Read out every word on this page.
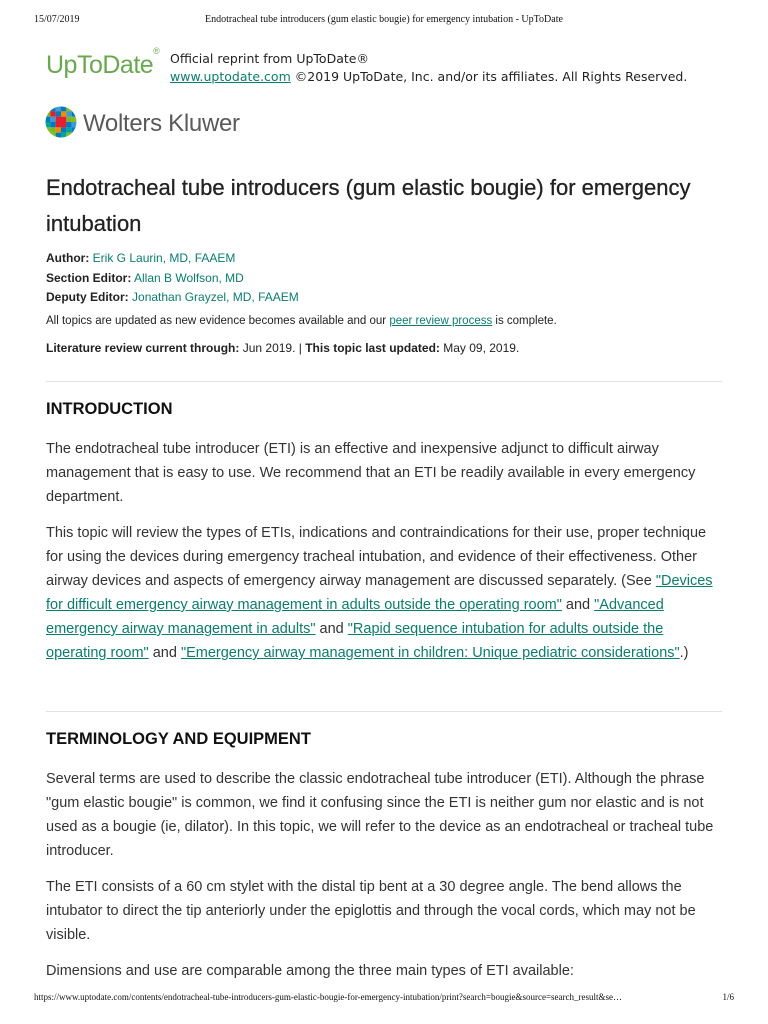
15/07/2019	Endotracheal tube introducers (gum elastic bougie) for emergency intubation - UpToDate
UpToDate®
Official reprint from UpToDate®
www.uptodate.com ©2019 UpToDate, Inc. and/or its affiliates. All Rights Reserved.
Wolters Kluwer
Endotracheal tube introducers (gum elastic bougie) for emergency intubation
Author: Erik G Laurin, MD, FAAEM
Section Editor: Allan B Wolfson, MD
Deputy Editor: Jonathan Grayzel, MD, FAAEM
All topics are updated as new evidence becomes available and our peer review process is complete.
Literature review current through: Jun 2019. | This topic last updated: May 09, 2019.
INTRODUCTION

The endotracheal tube introducer (ETI) is an effective and inexpensive adjunct to difficult airway management that is easy to use. We recommend that an ETI be readily available in every emergency department.

This topic will review the types of ETIs, indications and contraindications for their use, proper technique for using the devices during emergency tracheal intubation, and evidence of their effectiveness. Other airway devices and aspects of emergency airway management are discussed separately. (See "Devices for difficult emergency airway management in adults outside the operating room" and "Advanced emergency airway management in adults" and "Rapid sequence intubation for adults outside the operating room" and "Emergency airway management in children: Unique pediatric considerations".)

TERMINOLOGY AND EQUIPMENT

Several terms are used to describe the classic endotracheal tube introducer (ETI). Although the phrase "gum elastic bougie" is common, we find it confusing since the ETI is neither gum nor elastic and is not used as a bougie (ie, dilator). In this topic, we will refer to the device as an endotracheal or tracheal tube introducer.

The ETI consists of a 60 cm stylet with the distal tip bent at a 30 degree angle. The bend allows the intubator to direct the tip anteriorly under the epiglottis and through the vocal cords, which may not be visible.

Dimensions and use are comparable among the three main types of ETI available:

https://www.uptodate.com/contents/endotracheal-tube-introducers-gum-elastic-bougie-for-emergency-intubation/print?search=bougie&source=search_result&se…	1/6
